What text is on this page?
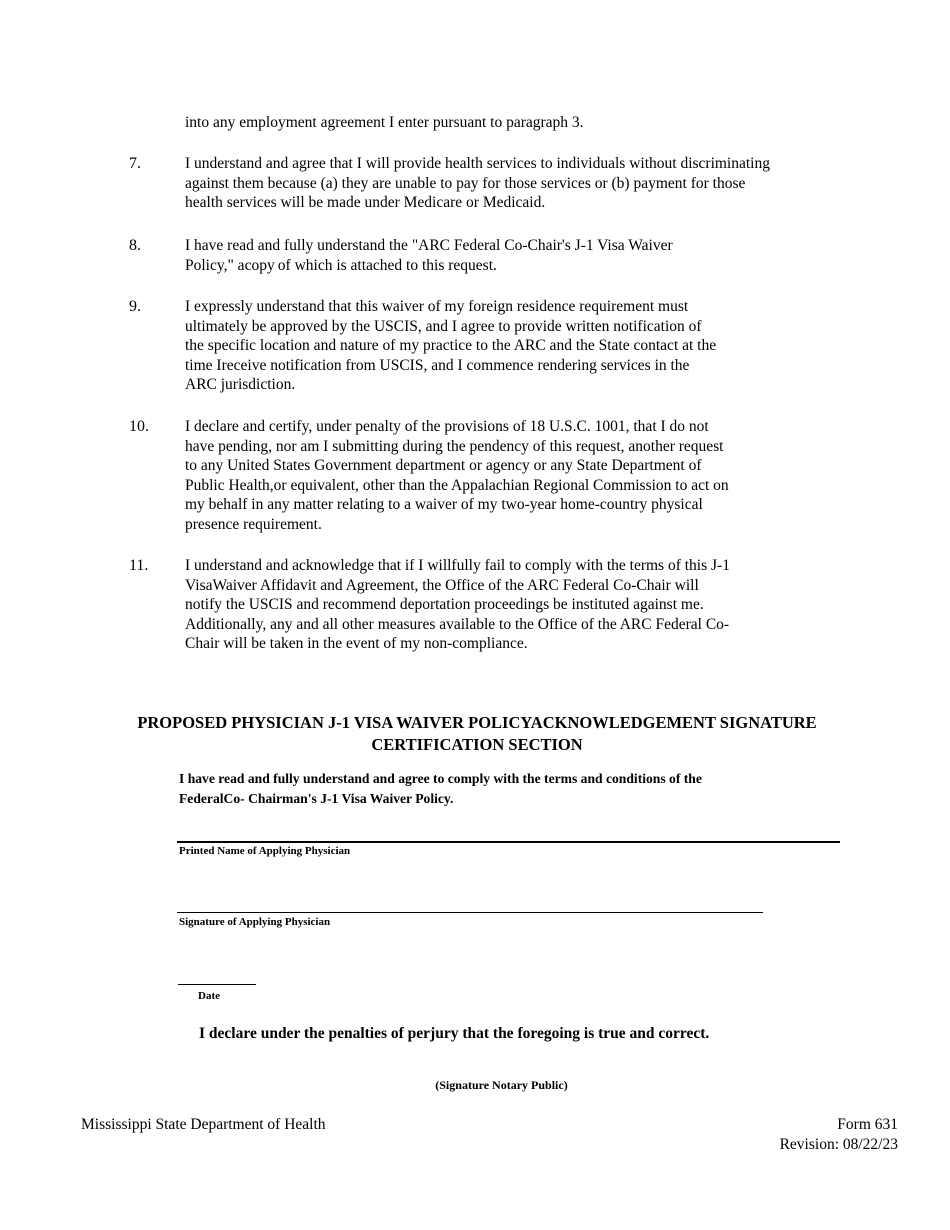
into any employment agreement I enter pursuant to paragraph 3.
7.	I understand and agree that I will provide health services to individuals without discriminating
against them because (a) they are unable to pay for those services or (b) payment for those
health services will be made under Medicare or Medicaid.
8.	I have read and fully understand the "ARC Federal Co-Chair's J-1 Visa Waiver
Policy," acopy of which is attached to this request.
9.	I expressly understand that this waiver of my foreign residence requirement must
ultimately be approved by the USCIS, and I agree to provide written notification of
the specific location and nature of my practice to the ARC and the State contact at the
time Ireceive notification from USCIS, and I commence rendering services in the
ARC jurisdiction.
10. I declare and certify, under penalty of the provisions of 18 U.S.C. 1001, that I do not
have pending, nor am I submitting during the pendency of this request, another request
to any United States Government department or agency or any State Department of
Public Health,or equivalent, other than the Appalachian Regional Commission to act on
my behalf in any matter relating to a waiver of my two-year home-country physical
presence requirement.
11. I understand and acknowledge that if I willfully fail to comply with the terms of this J-1
VisaWaiver Affidavit and Agreement, the Office of the ARC Federal Co-Chair will
notify the USCIS and recommend deportation proceedings be instituted against me.
Additionally, any and all other measures available to the Office of the ARC Federal Co-
Chair will be taken in the event of my non-compliance.
PROPOSED PHYSICIAN J-1 VISA WAIVER POLICYACKNOWLEDGEMENT SIGNATURE
CERTIFICATION SECTION
I have read and fully understand and agree to comply with the terms and conditions of the
FederalCo- Chairman's J-1 Visa Waiver Policy.
Printed Name of Applying Physician
Signature of Applying Physician
Date
I declare under the penalties of perjury that the foregoing is true and correct.
(Signature Notary Public)
Mississippi State Department of Health	Form 631
Revision: 08/22/23
